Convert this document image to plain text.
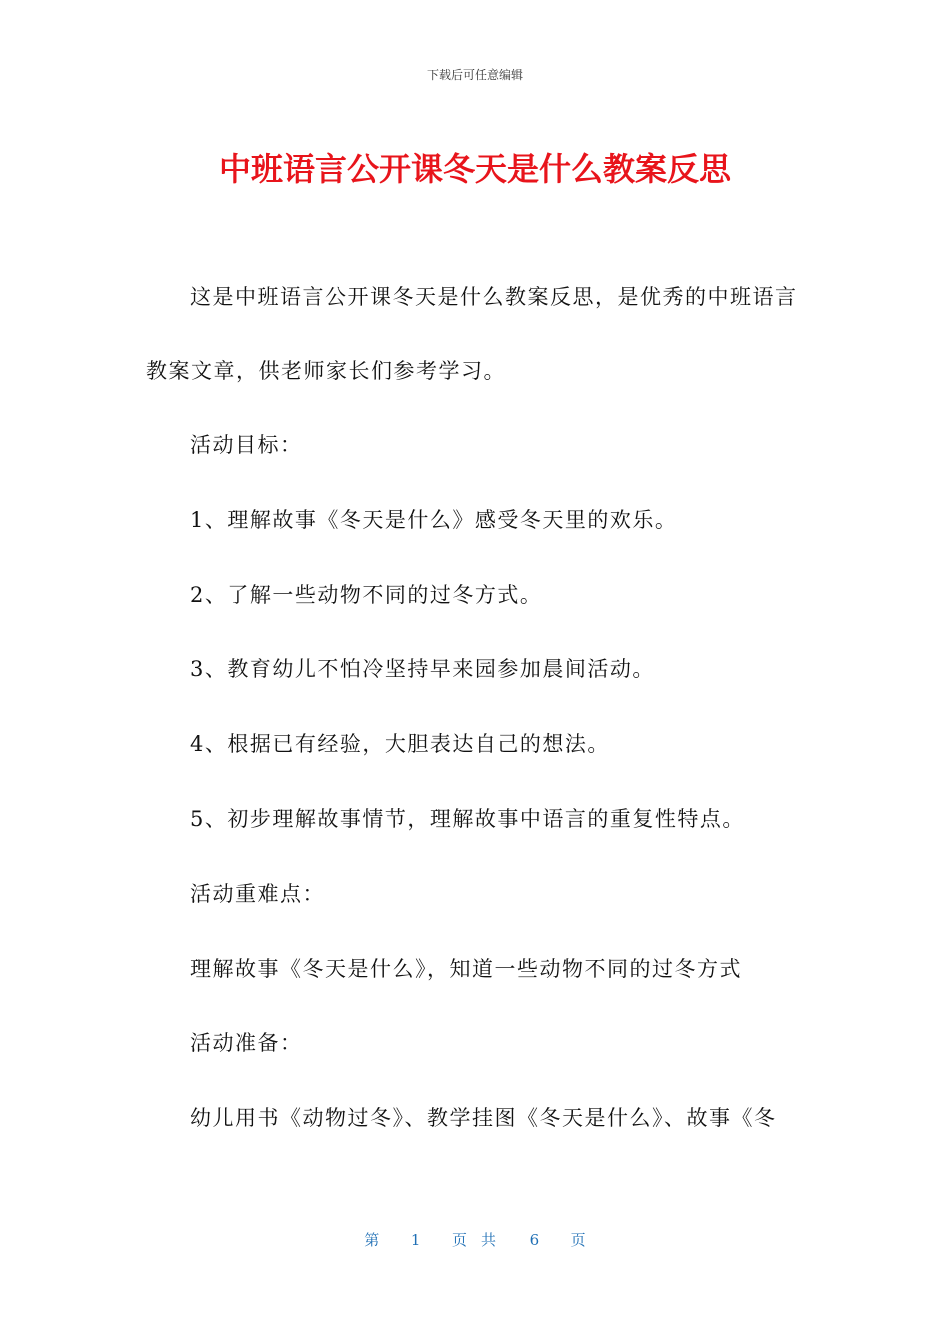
下载后可任意编辑
中班语言公开课冬天是什么教案反思
这是中班语言公开课冬天是什么教案反思，是优秀的中班语言
教案文章，供老师家长们参考学习。
活动目标：
1、理解故事《冬天是什么》感受冬天里的欢乐。
2、了解一些动物不同的过冬方式。
3、教育幼儿不怕冷坚持早来园参加晨间活动。
4、根据已有经验，大胆表达自己的想法。
5、初步理解故事情节，理解故事中语言的重复性特点。
活动重难点：
理解故事《冬天是什么》，知道一些动物不同的过冬方式
活动准备：
幼儿用书《动物过冬》、教学挂图《冬天是什么》、故事《冬
第 1 页共 6 页
